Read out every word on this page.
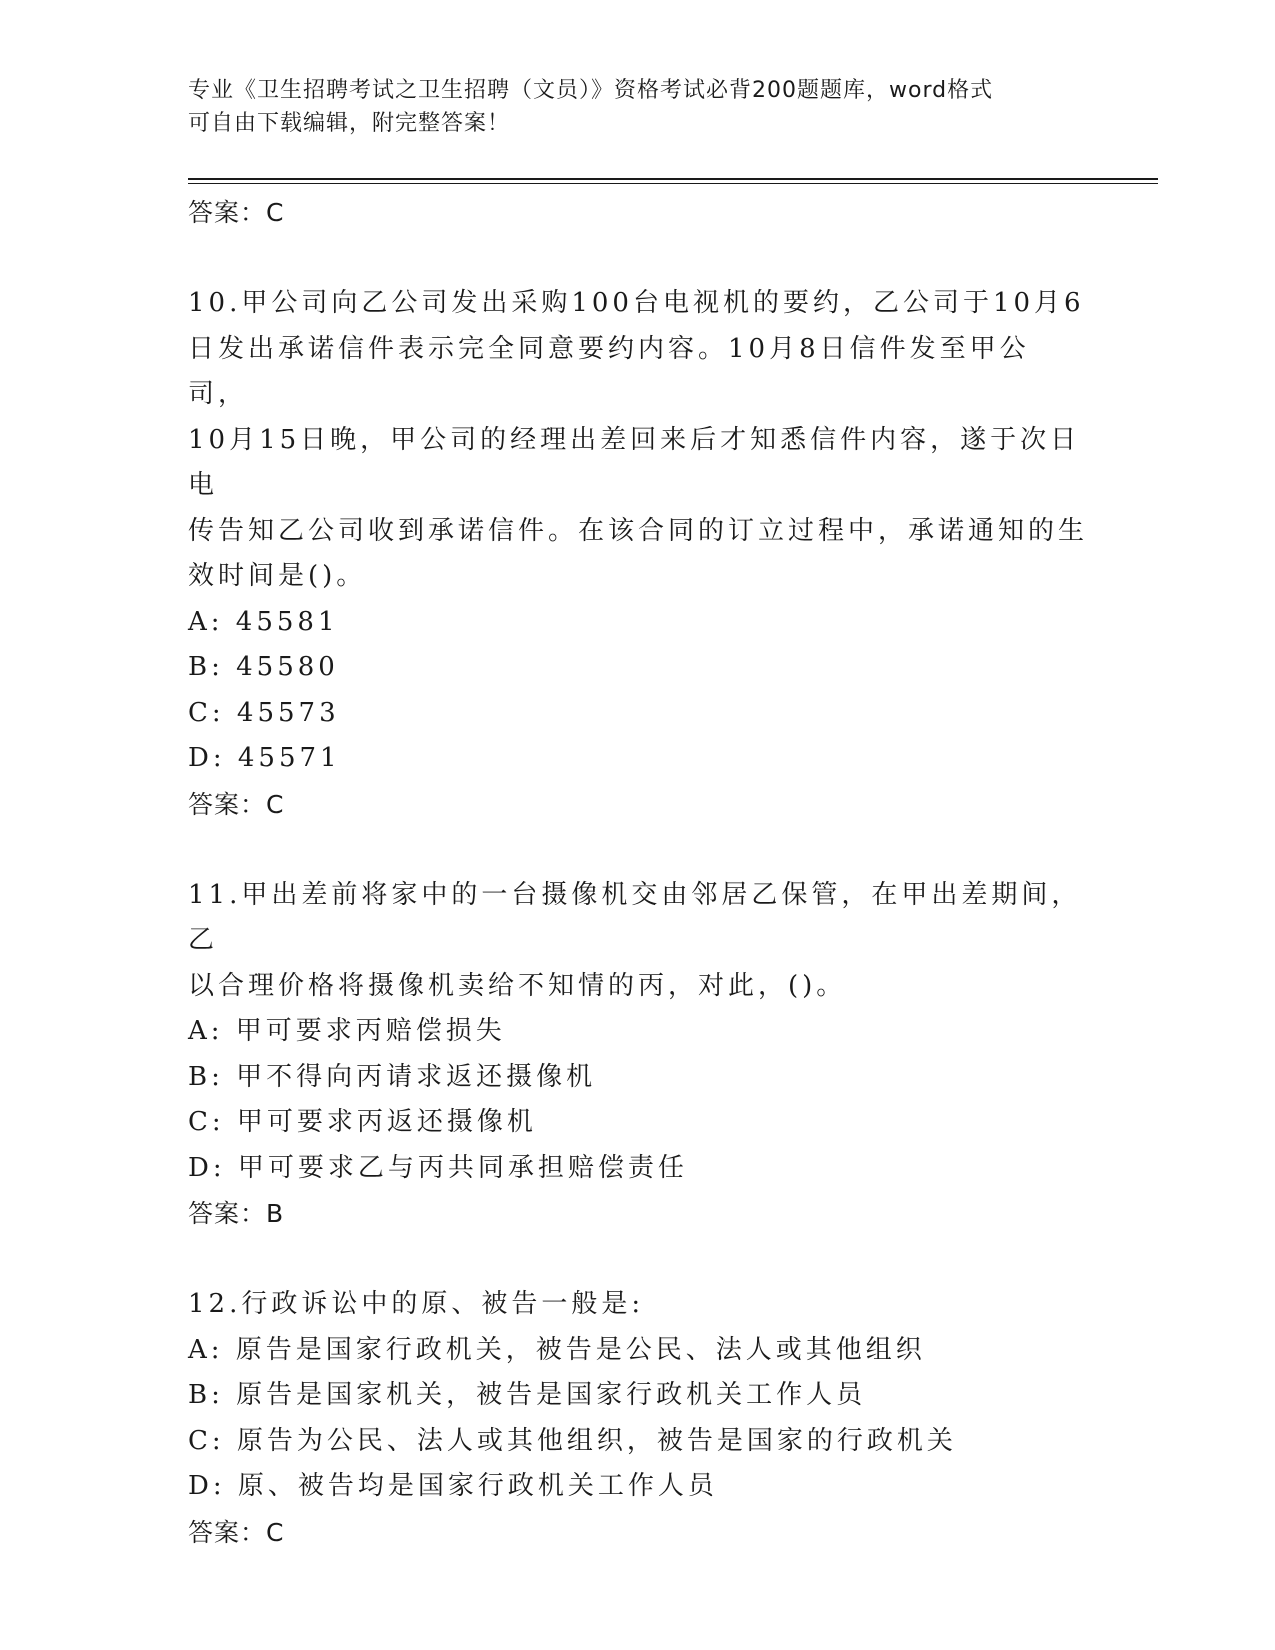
专业《卫生招聘考试之卫生招聘（文员）》资格考试必背200题题库，word格式
可自由下载编辑，附完整答案！
答案：C
10.甲公司向乙公司发出采购100台电视机的要约，乙公司于10月6
日发出承诺信件表示完全同意要约内容。10月8日信件发至甲公司，
10月15日晚，甲公司的经理出差回来后才知悉信件内容，遂于次日电
传告知乙公司收到承诺信件。在该合同的订立过程中，承诺通知的生
效时间是()。
A: 45581
B: 45580
C: 45573
D: 45571
答案：C
11.甲出差前将家中的一台摄像机交由邻居乙保管，在甲出差期间，乙
以合理价格将摄像机卖给不知情的丙，对此，()。
A: 甲可要求丙赔偿损失
B: 甲不得向丙请求返还摄像机
C: 甲可要求丙返还摄像机
D: 甲可要求乙与丙共同承担赔偿责任
答案：B
12.行政诉讼中的原、被告一般是:
A: 原告是国家行政机关，被告是公民、法人或其他组织
B: 原告是国家机关，被告是国家行政机关工作人员
C: 原告为公民、法人或其他组织，被告是国家的行政机关
D: 原、被告均是国家行政机关工作人员
答案：C
